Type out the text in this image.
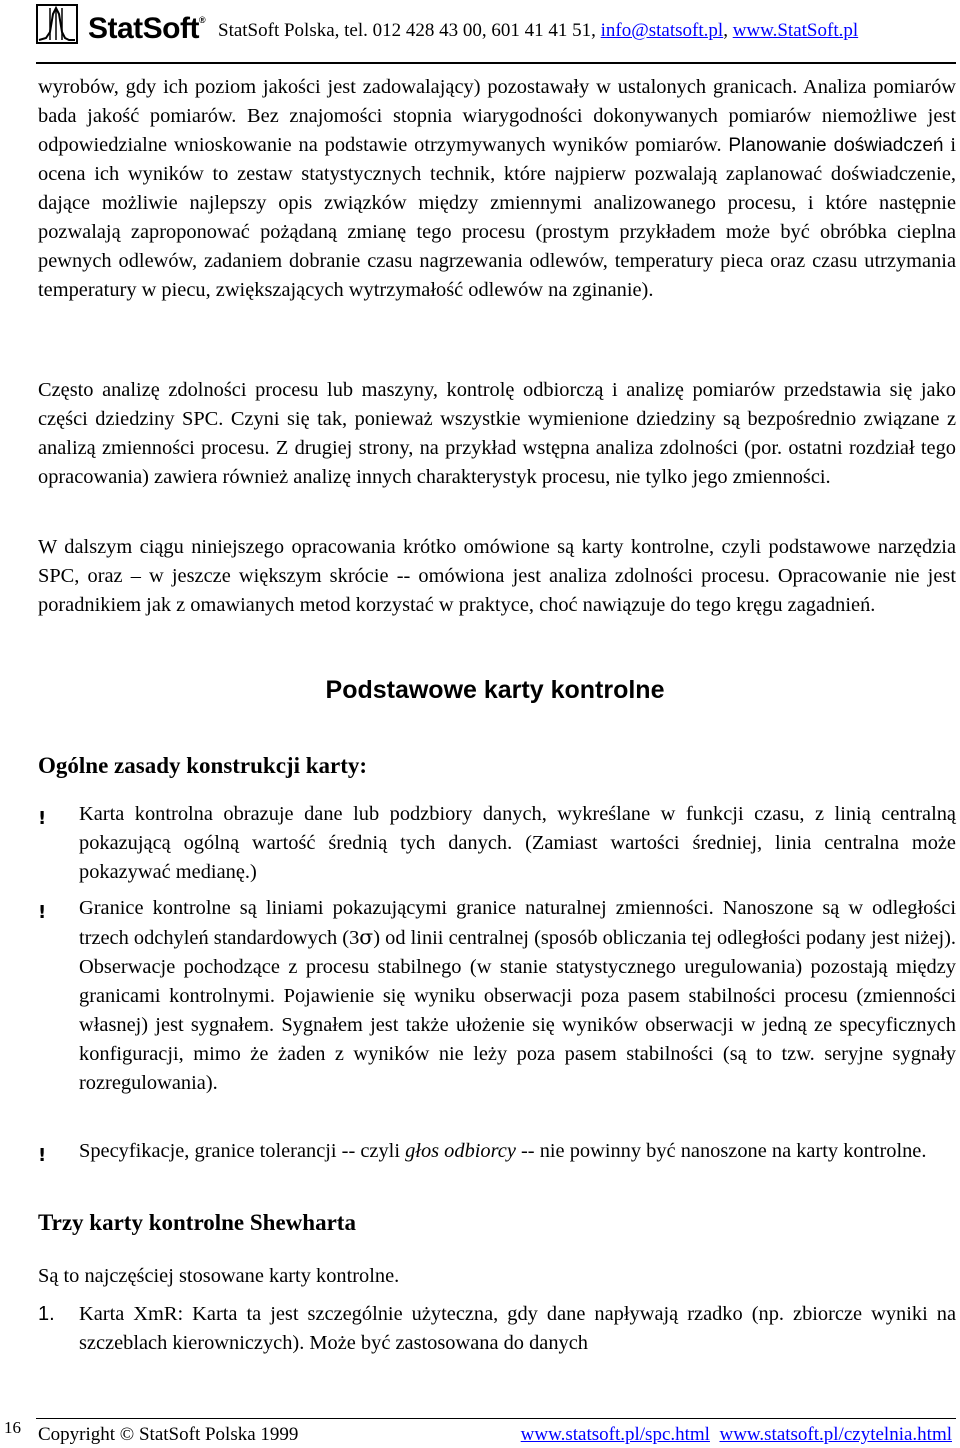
StatSoft® StatSoft Polska, tel. 012 428 43 00, 601 41 41 51, info@statsoft.pl, www.StatSoft.pl

wyrobów, gdy ich poziom jakości jest zadowalający) pozostawały w ustalonych granicach. Analiza pomiarów bada jakość pomiarów. Bez znajomości stopnia wiarygodności dokonywanych pomiarów niemożliwe jest odpowiedzialne wnioskowanie na podstawie otrzymywanych wyników pomiarów. Planowanie doświadczeń i ocena ich wyników to zestaw statystycznych technik, które najpierw pozwalają zaplanować doświadczenie, dające możliwie najlepszy opis związków między zmiennymi analizowanego procesu, i które następnie pozwalają zaproponować pożądaną zmianę tego procesu (prostym przykładem może być obróbka cieplna pewnych odlewów, zadaniem dobranie czasu nagrzewania odlewów, temperatury pieca oraz czasu utrzymania temperatury w piecu, zwiększających wytrzymałość odlewów na zginanie).

Często analizę zdolności procesu lub maszyny, kontrolę odbiorczą i analizę pomiarów przedstawia się jako części dziedziny SPC. Czyni się tak, ponieważ wszystkie wymienione dziedziny są bezpośrednio związane z analizą zmienności procesu. Z drugiej strony, na przykład wstępna analiza zdolności (por. ostatni rozdział tego opracowania) zawiera również analizę innych charakterystyk procesu, nie tylko jego zmienności.

W dalszym ciągu niniejszego opracowania krótko omówione są karty kontrolne, czyli podstawowe narzędzia SPC, oraz – w jeszcze większym skrócie -- omówiona jest analiza zdolności procesu. Opracowanie nie jest poradnikiem jak z omawianych metod korzystać w praktyce, choć nawiązuje do tego kręgu zagadnień.

Podstawowe karty kontrolne
Ogólne zasady konstrukcji karty:
! Karta kontrolna obrazuje dane lub podzbiory danych, wykreślane w funkcji czasu, z linią centralną pokazującą ogólną wartość średnią tych danych. (Zamiast wartości średniej, linia centralna może pokazywać medianę.)
! Granice kontrolne są liniami pokazującymi granice naturalnej zmienności. Nanoszone są w odległości trzech odchyleń standardowych (3σ) od linii centralnej (sposób obliczania tej odległości podany jest niżej). Obserwacje pochodzące z procesu stabilnego (w stanie statystycznego uregulowania) pozostają między granicami kontrolnymi. Pojawienie się wyniku obserwacji poza pasem stabilności procesu (zmienności własnej) jest sygnałem. Sygnałem jest także ułożenie się wyników obserwacji w jedną ze specyficznych konfiguracji, mimo że żaden z wyników nie leży poza pasem stabilności (są to tzw. seryjne sygnały rozregulowania).
! Specyfikacje, granice tolerancji -- czyli głos odbiorcy -- nie powinny być nanoszone na karty kontrolne.
Trzy karty kontrolne Shewharta
Są to najczęściej stosowane karty kontrolne.
1. Karta XmR: Karta ta jest szczególnie użyteczna, gdy dane napływają rzadko (np. zbiorcze wyniki na szczeblach kierowniczych). Może być zastosowana do danych
16 Copyright © StatSoft Polska 1999	www.statsoft.pl/spc.html www.statsoft.pl/czytelnia.html
